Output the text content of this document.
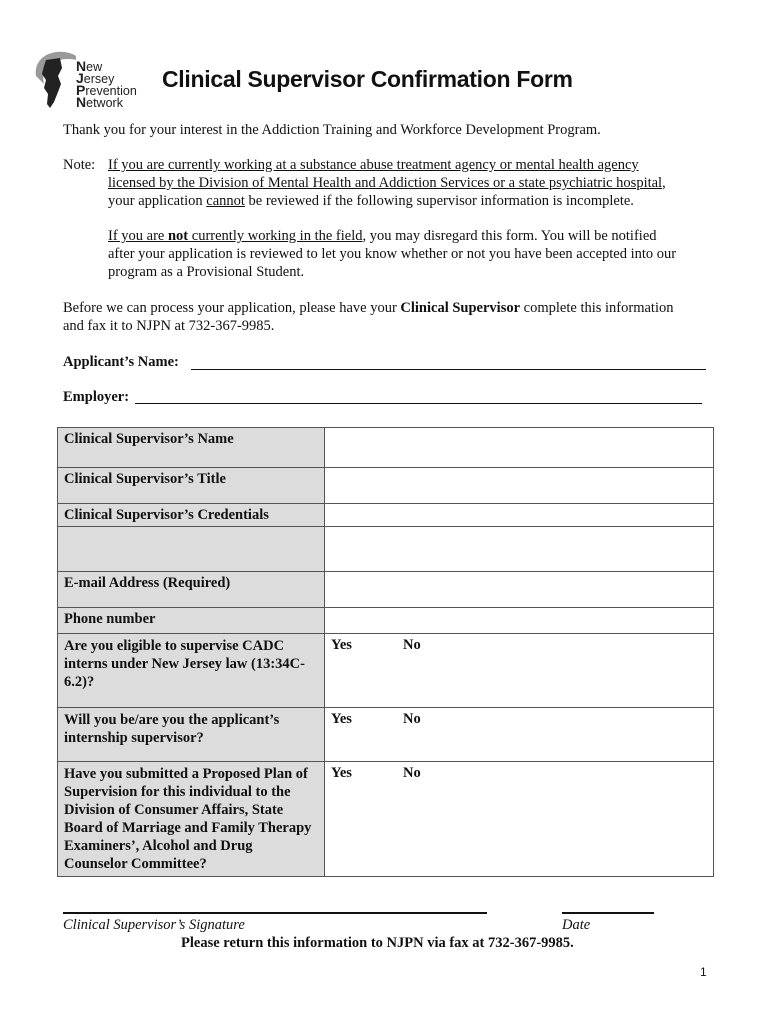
New
Jersey
Prevention
Network
Clinical Supervisor Confirmation Form
Thank you for your interest in the Addiction Training and Workforce Development Program.
Note: If you are currently working at a substance abuse treatment agency or mental health agency
licensed by the Division of Mental Health and Addiction Services or a state psychiatric hospital,
your application cannot be reviewed if the following supervisor information is incomplete.
If you are not currently working in the field, you may disregard this form. You will be notified
after your application is reviewed to let you know whether or not you have been accepted into our
program as a Provisional Student.
Before we can process your application, please have your Clinical Supervisor complete this information
and fax it to NJPN at 732-367-9985.
Applicant’s Name:
Employer:
Clinical Supervisor’s Name	
Clinical Supervisor’s Title	
Clinical Supervisor’s Credentials	

E-mail Address (Required)	
Phone number	
Are you eligible to supervise CADC interns under New Jersey law (13:34C-6.2)?	Yes No
Will you be/are you the applicant’s internship supervisor?	Yes No
Have you submitted a Proposed Plan of Supervision for this individual to the Division of Consumer Affairs, State Board of Marriage and Family Therapy Examiners’, Alcohol and Drug Counselor Committee?	Yes No
Clinical Supervisor’s Signature	Date
Please return this information to NJPN via fax at 732-367-9985.
1
